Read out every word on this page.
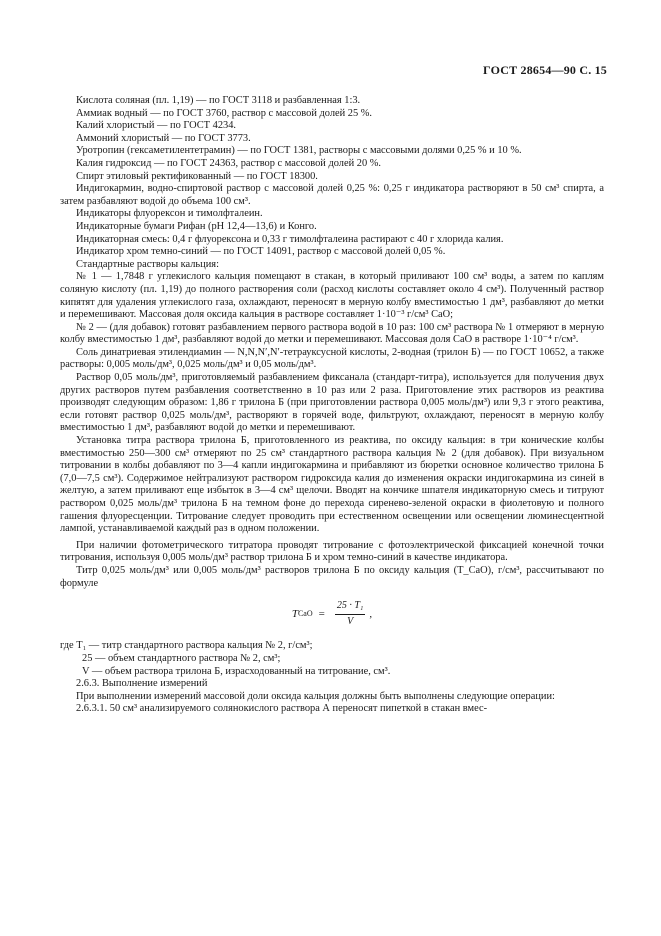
ГОСТ 28654—90 С. 15

Кислота соляная (пл. 1,19) — по ГОСТ 3118 и разбавленная 1:3.

Аммиак водный — по ГОСТ 3760, раствор с массовой долей 25 %.

Калий хлористый — по ГОСТ 4234.

Аммоний хлористый — по ГОСТ 3773.

Уротропин (гексаметилентетрамин) — по ГОСТ 1381, растворы с массовыми долями 0,25 % и 10 %.

Калия гидроксид — по ГОСТ 24363, раствор с массовой долей 20 %.

Спирт этиловый ректификованный — по ГОСТ 18300.

Индигокармин, водно-спиртовой раствор с массовой долей 0,25 %: 0,25 г индикатора растворяют в 50 см³ спирта, а затем разбавляют водой до объема 100 см³.

Индикаторы флуорексон и тимолфталеин.

Индикаторные бумаги Рифан (рН 12,4—13,6) и Конго.

Индикаторная смесь: 0,4 г флуорексона и 0,33 г тимолфталеина растирают с 40 г хлорида калия.

Индикатор хром темно-синий — по ГОСТ 14091, раствор с массовой долей 0,05 %.

Стандартные растворы кальция:

№ 1 — 1,7848 г углекислого кальция помещают в стакан, в который приливают 100 см³ воды, а затем по каплям соляную кислоту (пл. 1,19) до полного растворения соли (расход кислоты составляет около 4 см³). Полученный раствор кипятят для удаления углекислого газа, охлаждают, переносят в мерную колбу вместимостью 1 дм³, разбавляют до метки и перемешивают. Массовая доля оксида кальция в растворе составляет 1·10⁻³ г/см³ СаО;

№ 2 — (для добавок) готовят разбавлением первого раствора водой в 10 раз: 100 см³ раствора № 1 отмеряют в мерную колбу вместимостью 1 дм³, разбавляют водой до метки и перемешивают. Массовая доля СаО в растворе 1·10⁻⁴ г/см³.

Соль динатриевая этилендиамин — N,N,N′,N′-тетрауксусной кислоты, 2-водная (трилон Б) — по ГОСТ 10652, а также растворы: 0,005 моль/дм³, 0,025 моль/дм³ и 0,05 моль/дм³.

Раствор 0,05 моль/дм³, приготовляемый разбавлением фиксанала (стандарт-титра), используется для получения двух других растворов путем разбавления соответственно в 10 раз или 2 раза. Приготовление этих растворов из реактива производят следующим образом: 1,86 г трилона Б (при приготовлении раствора 0,005 моль/дм³) или 9,3 г этого реактива, если готовят раствор 0,025 моль/дм³, растворяют в горячей воде, фильтруют, охлаждают, переносят в мерную колбу вместимостью 1 дм³, разбавляют водой до метки и перемешивают.

Установка титра раствора трилона Б, приготовленного из реактива, по оксиду кальция: в три конические колбы вместимостью 250—300 см³ отмеряют по 25 см³ стандартного раствора кальция № 2 (для добавок). При визуальном титровании в колбы добавляют по 3—4 капли индигокармина и прибавляют из бюретки основное количество трилона Б (7,0—7,5 см³). Содержимое нейтрализуют раствором гидроксида калия до изменения окраски индигокармина из синей в желтую, а затем приливают еще избыток в 3—4 см³ щелочи. Вводят на кончике шпателя индикаторную смесь и титруют раствором 0,025 моль/дм³ трилона Б на темном фоне до перехода сиренево-зеленой окраски в фиолетовую и полного гашения флуоресценции. Титрование следует проводить при естественном освещении или освещении люминесцентной лампой, устанавливаемой каждый раз в одном положении.

При наличии фотометрического титратора проводят титрование с фотоэлектрической фиксацией конечной точки титрования, используя 0,005 моль/дм³ раствор трилона Б и хром темно-синий в качестве индикатора.

Титр 0,025 моль/дм³ или 0,005 моль/дм³ растворов трилона Б по оксиду кальция (T_CaO), г/см³, рассчитывают по формуле

T CaO = $\frac{\text{25 · T₁}}{V}$ ,

где T₁ — титр стандартного раствора кальция № 2, г/см³;

25 — объем стандартного раствора № 2, см³;

V — объем раствора трилона Б, израсходованный на титрование, см³.

2.6.3. Выполнение измерений

При выполнении измерений массовой доли оксида кальция должны быть выполнены следующие операции:

2.6.3.1. 50 см³ анализируемого солянокислого раствора А переносят пипеткой в стакан вмес-
